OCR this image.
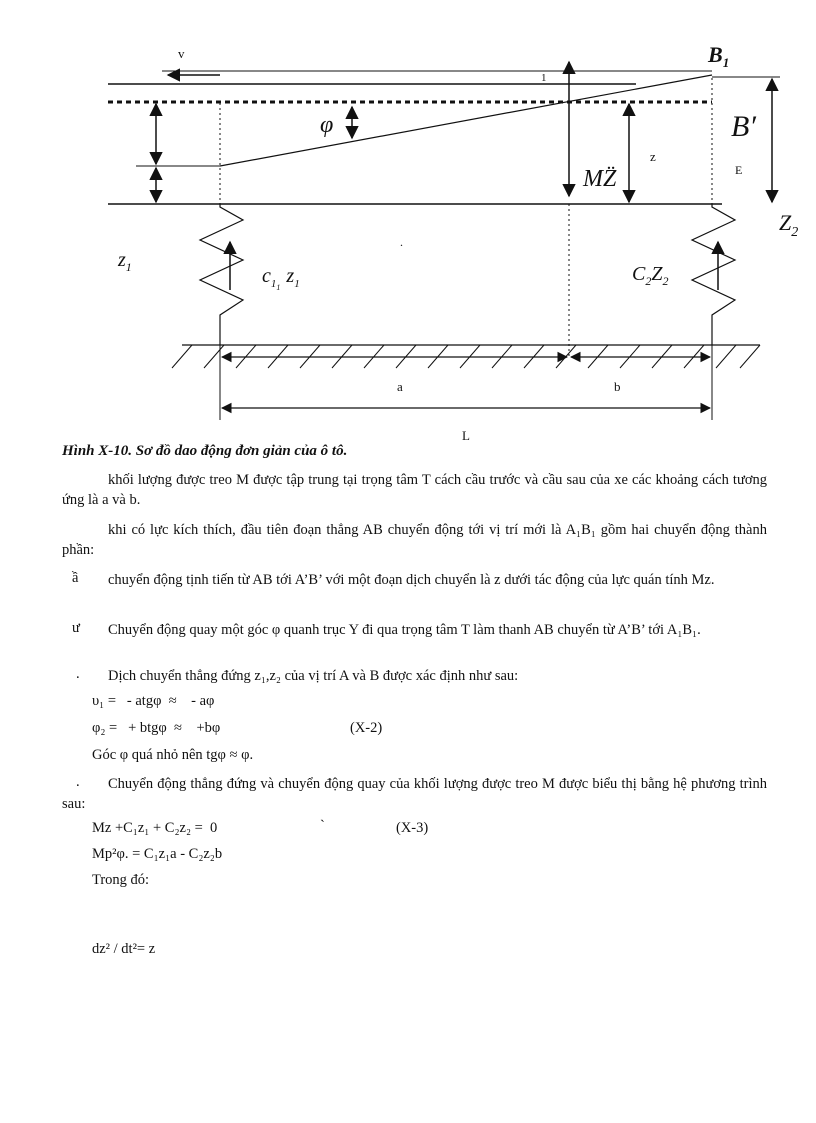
v
1
φ
MZ̈
z
E
$B_1$
B′
$Z_2$
$z_1$	$c_11z_1$	$C_2Z_2$
.
a	b
L
Hình X-10. Sơ đồ dao động đơn giản của ô tô.
khối lượng được treo M được tập trung tại trọng tâm T cách cầu trước và cầu sau của xe các khoảng cách tương ứng là a và b.
khi có lực kích thích, đầu tiên đoạn thẳng AB chuyển động tới vị trí mới là A₁B₁ gồm hai chuyển động thành phần:
ầ	chuyển động tịnh tiến từ AB tới A’B’ với một đoạn dịch chuyển là z dưới tác động của lực quán tính Mz.
ư	Chuyển động quay một góc φ quanh trục Y đi qua trọng tâm T làm thanh AB chuyển từ A’B’ tới A₁B₁.
.	Dịch chuyển thẳng đứng z₁,z₂ của vị trí A và B được xác định như sau:
υ₁ =   - atgφ  ≈    - aφ
φ₂ =   + btgφ  ≈    +bφ	(X-2)
Góc φ quá nhỏ nên tgφ ≈ φ.
.	Chuyển động thẳng đứng và chuyển động quay của khối lượng được treo M được biểu thị bằng hệ phương trình sau:
Mz +C₁z₁ + C₂z₂ =  0	`	(X-3)
Mp²φ. = C₁z₁a - C₂z₂b
Trong đó:
dz² / dt²= z
